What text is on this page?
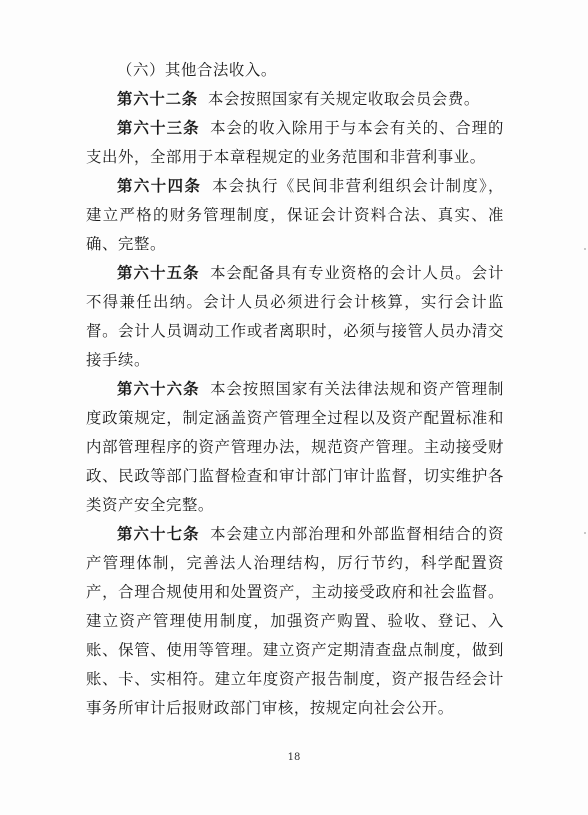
（六）其他合法收入。

第六十二条 本会按照国家有关规定收取会员会费。

第六十三条 本会的收入除用于与本会有关的、合理的支出外，全部用于本章程规定的业务范围和非营利事业。

第六十四条 本会执行《民间非营利组织会计制度》，建立严格的财务管理制度，保证会计资料合法、真实、准确、完整。

第六十五条 本会配备具有专业资格的会计人员。会计不得兼任出纳。会计人员必须进行会计核算，实行会计监督。会计人员调动工作或者离职时，必须与接管人员办清交接手续。

第六十六条 本会按照国家有关法律法规和资产管理制度政策规定，制定涵盖资产管理全过程以及资产配置标准和内部管理程序的资产管理办法，规范资产管理。主动接受财政、民政等部门监督检查和审计部门审计监督，切实维护各类资产安全完整。

第六十七条 本会建立内部治理和外部监督相结合的资产管理体制，完善法人治理结构，厉行节约，科学配置资产，合理合规使用和处置资产，主动接受政府和社会监督。建立资产管理使用制度，加强资产购置、验收、登记、入账、保管、使用等管理。建立资产定期清查盘点制度，做到账、卡、实相符。建立年度资产报告制度，资产报告经会计事务所审计后报财政部门审核，按规定向社会公开。

18
